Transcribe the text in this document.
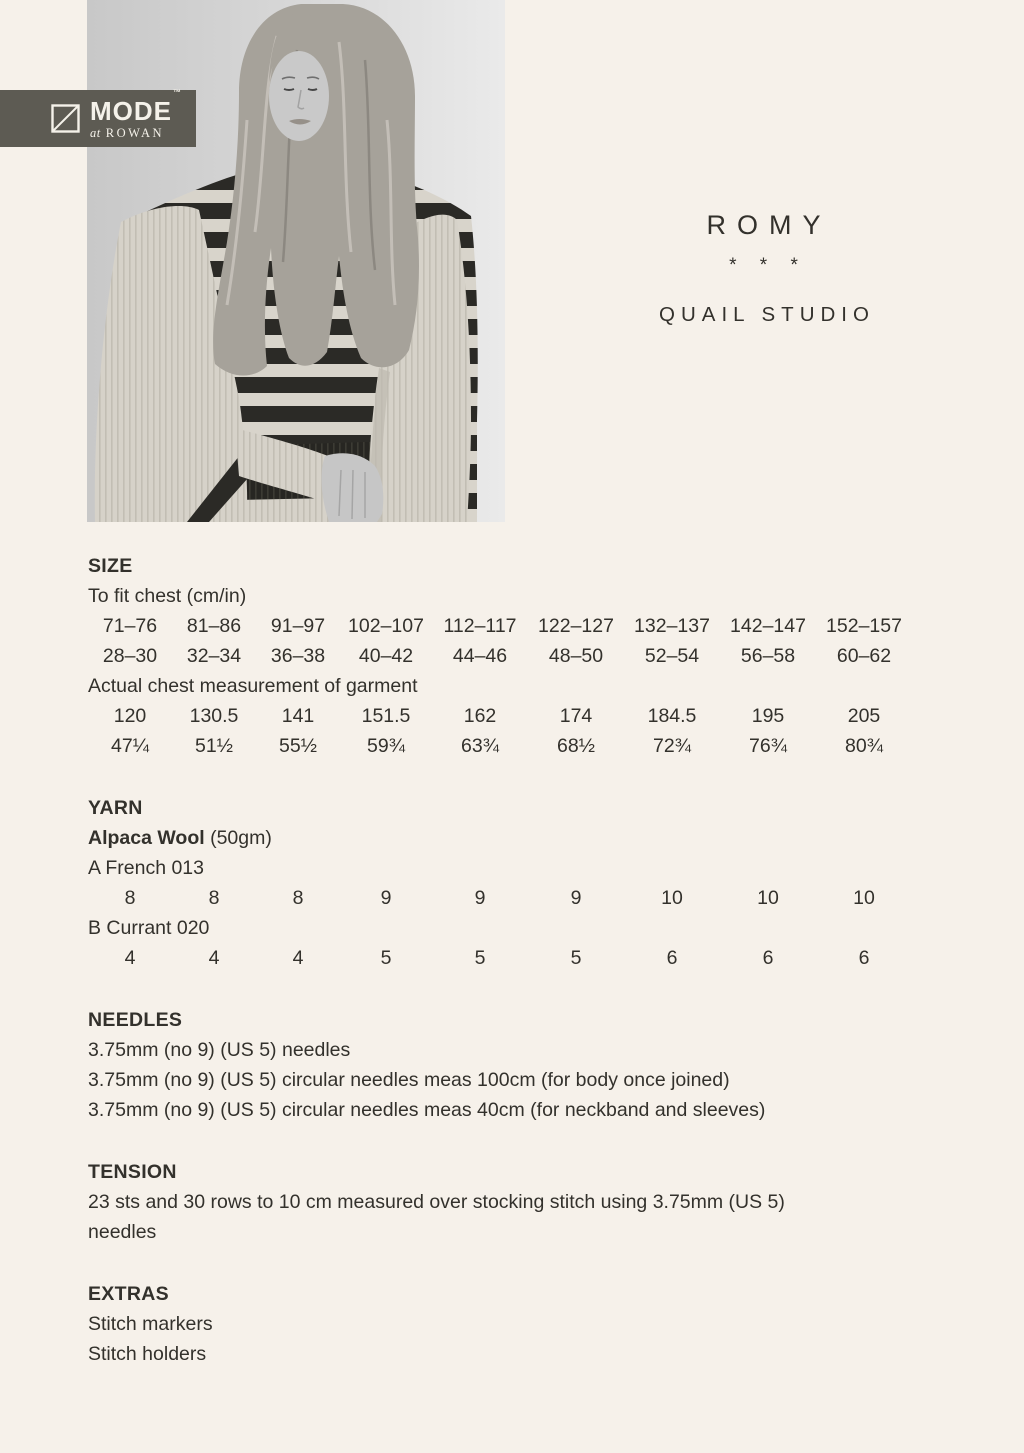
MODE™
at ROWAN
ROMY
* * *
QUAIL STUDIO
SIZE

To fit chest (cm/in)

71–76	81–86	91–97	102–107	112–117	122–127	132–137	142–147	152–157
28–30	32–34	36–38	40–42	44–46	48–50	52–54	56–58	60–62

Actual chest measurement of garment

120	130.5	141	151.5	162	174	184.5	195	205
47¼	51½	55½	59¾	63¾	68½	72¾	76¾	80¾
YARN

Alpaca Wool (50gm)

A French 013

8	8	8	9	9	9	10	10	10

B Currant 020

4	4	4	5	5	5	6	6	6
NEEDLES
3.75mm (no 9) (US 5) needles
3.75mm (no 9) (US 5) circular needles meas 100cm (for body once joined)
3.75mm (no 9) (US 5) circular needles meas 40cm (for neckband and sleeves)
TENSION
23 sts and 30 rows to 10 cm measured over stocking stitch using 3.75mm (US 5)
needles
EXTRAS
Stitch markers
Stitch holders
